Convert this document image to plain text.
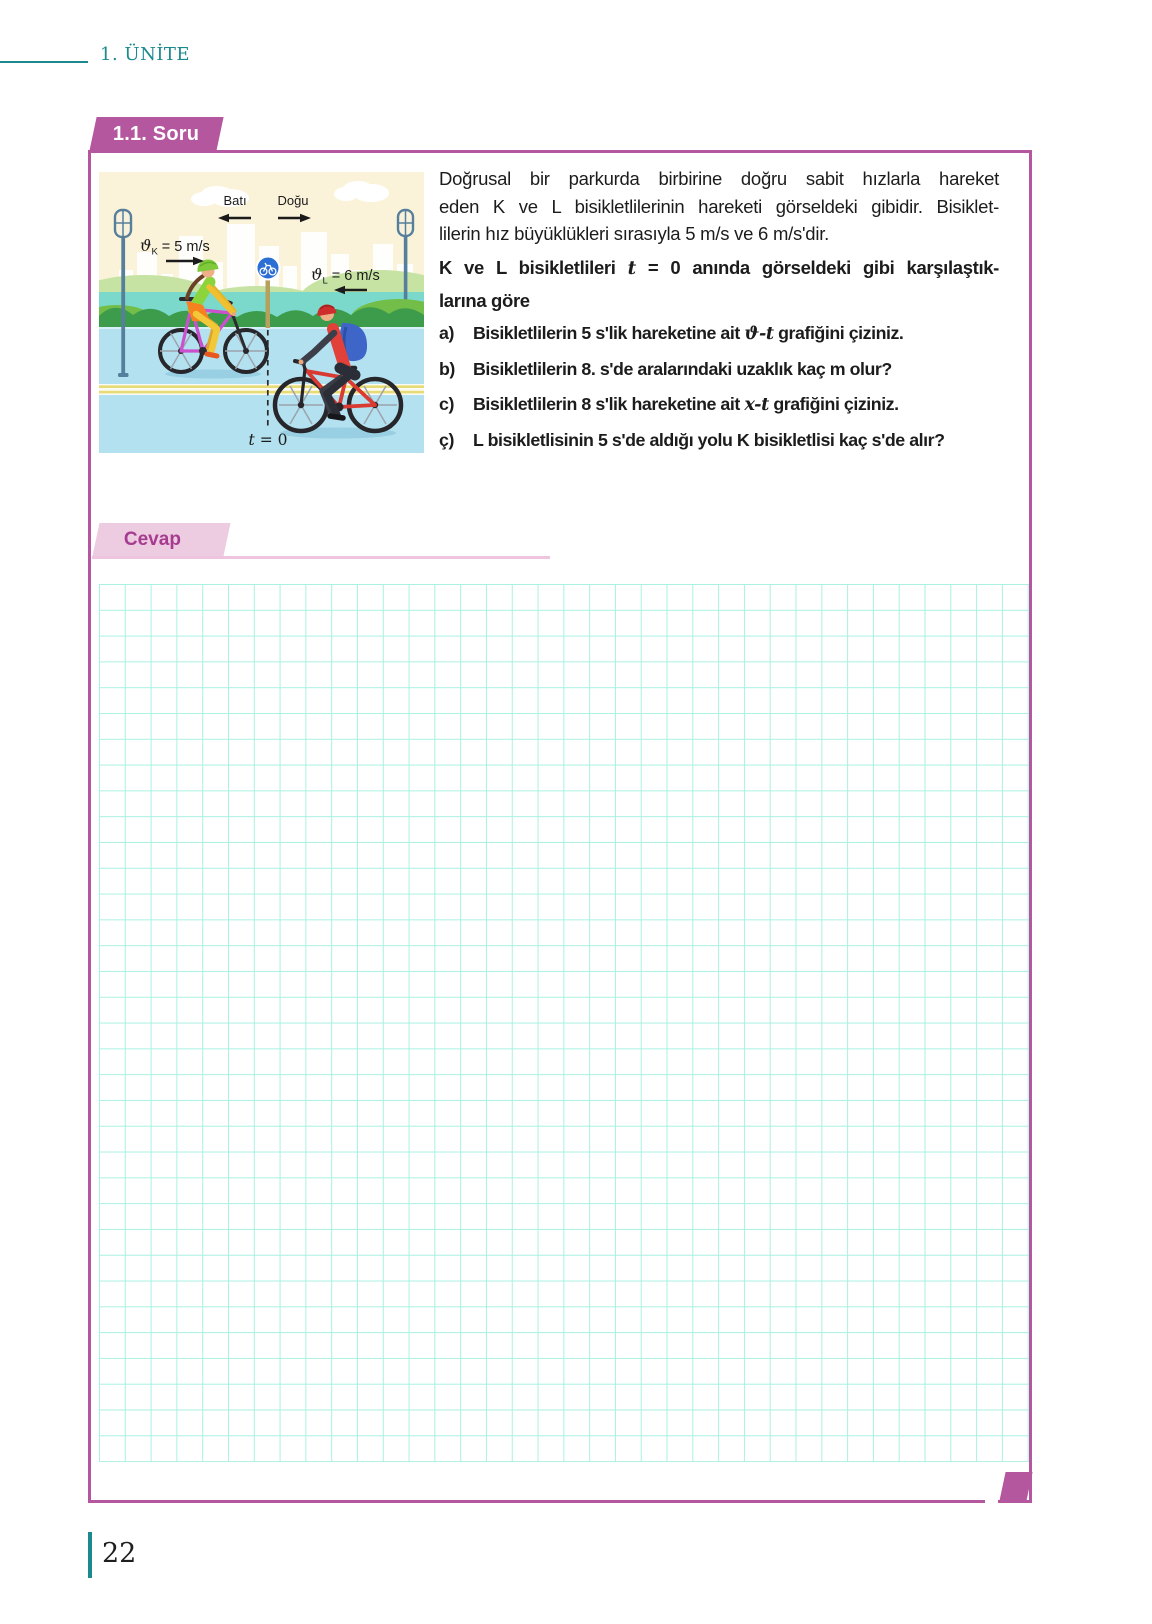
1. ÜNİTE
1.1. Soru
Batı Doğu
$ϑ_K = 5$ m/s
$ϑ_L = 6$ m/s
t = 0
Doğrusal bir parkurda birbirine doğru sabit hızlarla hareket
eden K ve L bisikletlilerinin hareketi görseldeki gibidir. Bisiklet-
lilerin hız büyüklükleri sırasıyla 5 m/s ve 6 m/s'dir.
K ve L bisikletlileri t = 0 anında görseldeki gibi karşılaştık-
larına göre
a)	Bisikletlilerin 5 s'lik hareketine ait ϑ-t grafiğini çiziniz.
b)	Bisikletlilerin 8. s'de aralarındaki uzaklık kaç m olur?
c)	Bisikletlilerin 8 s'lik hareketine ait x-t grafiğini çiziniz.
ç)	L bisikletlisinin 5 s'de aldığı yolu K bisikletlisi kaç s'de alır?
Cevap
22
